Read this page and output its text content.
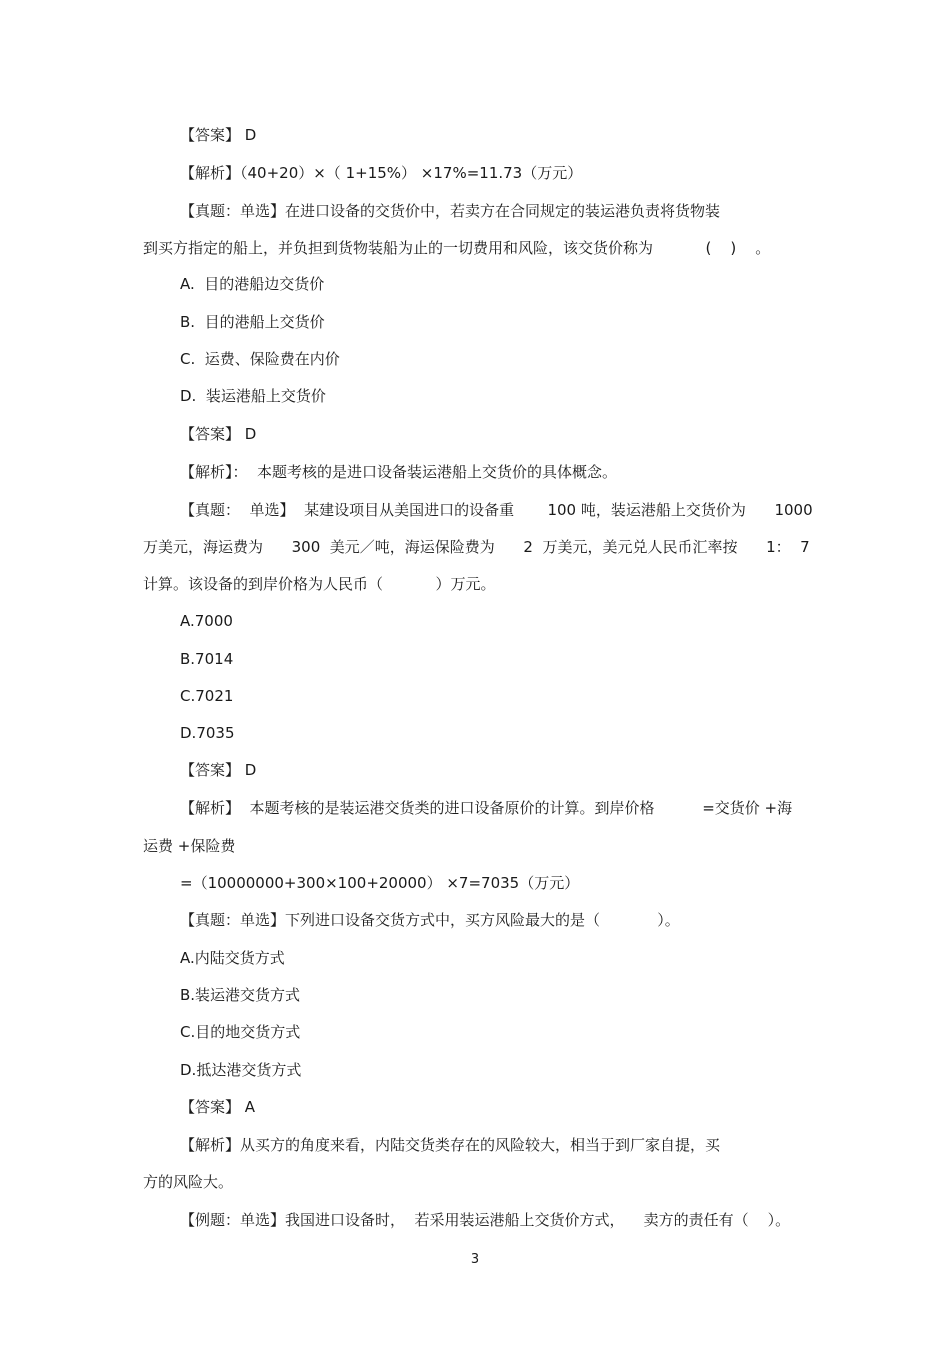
【答案】 D
【解析】（40+20）×（ 1+15%） ×17%=11.73（万元）
【真题：单选】在进口设备的交货价中，若卖方在合同规定的装运港负责将货物装
到买方指定的船上，并负担到货物装船为止的一切费用和风险，该交货价称为           (    )    。
A.  目的港船边交货价
B.  目的港船上交货价
C.  运费、保险费在内价
D.  装运港船上交货价
【答案】 D
【解析】：  本题考核的是进口设备装运港船上交货价的具体概念。
【真题：  单选】  某建设项目从美国进口的设备重       100 吨，装运港船上交货价为      1000
万美元，海运费为      300  美元／吨，海运保险费为      2  万美元，美元兑人民币汇率按      1：  7
计算。该设备的到岸价格为人民币（           ）万元。
A.7000
B.7014
C.7021
D.7035
【答案】 D
【解析】  本题考核的是装运港交货类的进口设备原价的计算。到岸价格          =交货价 +海
运费 +保险费
=（10000000+300×100+20000） ×7=7035（万元）
【真题：单选】下列进口设备交货方式中，买方风险最大的是（            ）。
A.内陆交货方式
B.装运港交货方式
C.目的地交货方式
D.抵达港交货方式
【答案】 A
【解析】从买方的角度来看，内陆交货类存在的风险较大，相当于到厂家自提，买
方的风险大。
【例题：单选】我国进口设备时，  若采用装运港船上交货价方式，    卖方的责任有（    ）。
3
